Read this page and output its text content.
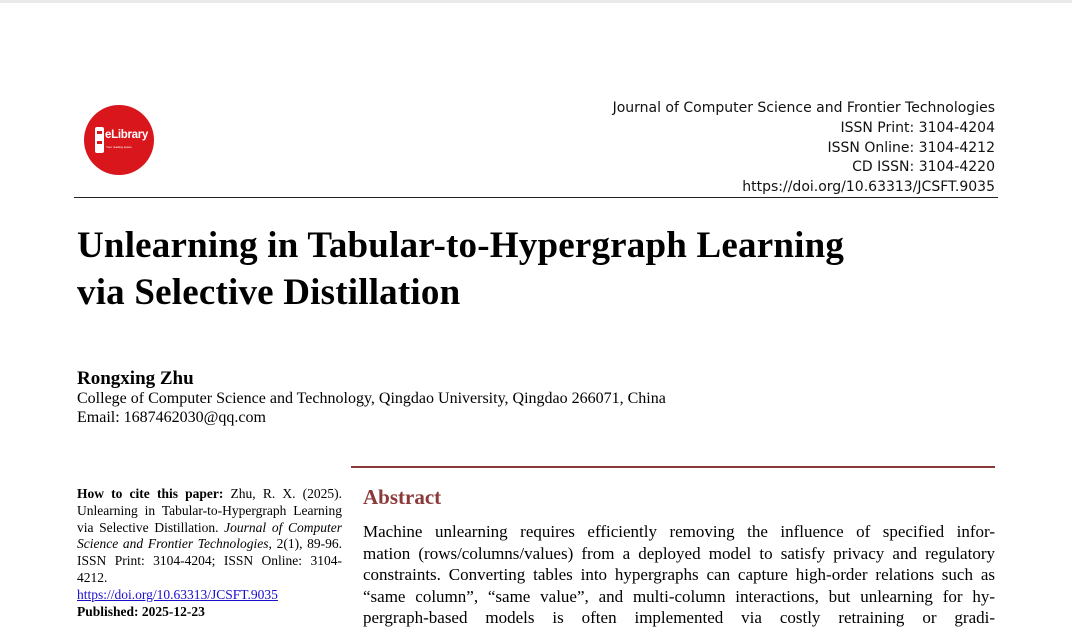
eLibrary
Your reading space
Journal of Computer Science and Frontier Technologies
ISSN Print: 3104-4204
ISSN Online: 3104-4212
CD ISSN: 3104-4220
https://doi.org/10.63313/JCSFT.9035
Unlearning in Tabular-to-Hypergraph Learning
via Selective Distillation
Rongxing Zhu
College of Computer Science and Technology, Qingdao University, Qingdao 266071, China
Email: 1687462030@qq.com
How to cite this paper: Zhu, R. X. (2025). Unlearning in Tabular-to-Hypergraph Learning via Selective Distillation. Journal of Computer Science and Frontier Technologies, 2(1), 89-96. ISSN Print: 3104-4204; ISSN Online: 3104-4212.
https://doi.org/10.63313/JCSFT.9035
Published: 2025-12-23
Abstract
Machine unlearning requires efficiently removing the influence of specified infor-
mation (rows/columns/values) from a deployed model to satisfy privacy and regulatory
constraints. Converting tables into hypergraphs can capture high-order relations such as
“same column”, “same value”, and multi-column interactions, but unlearning for hy-
pergraph-based models is often implemented via costly retraining or gradi-
